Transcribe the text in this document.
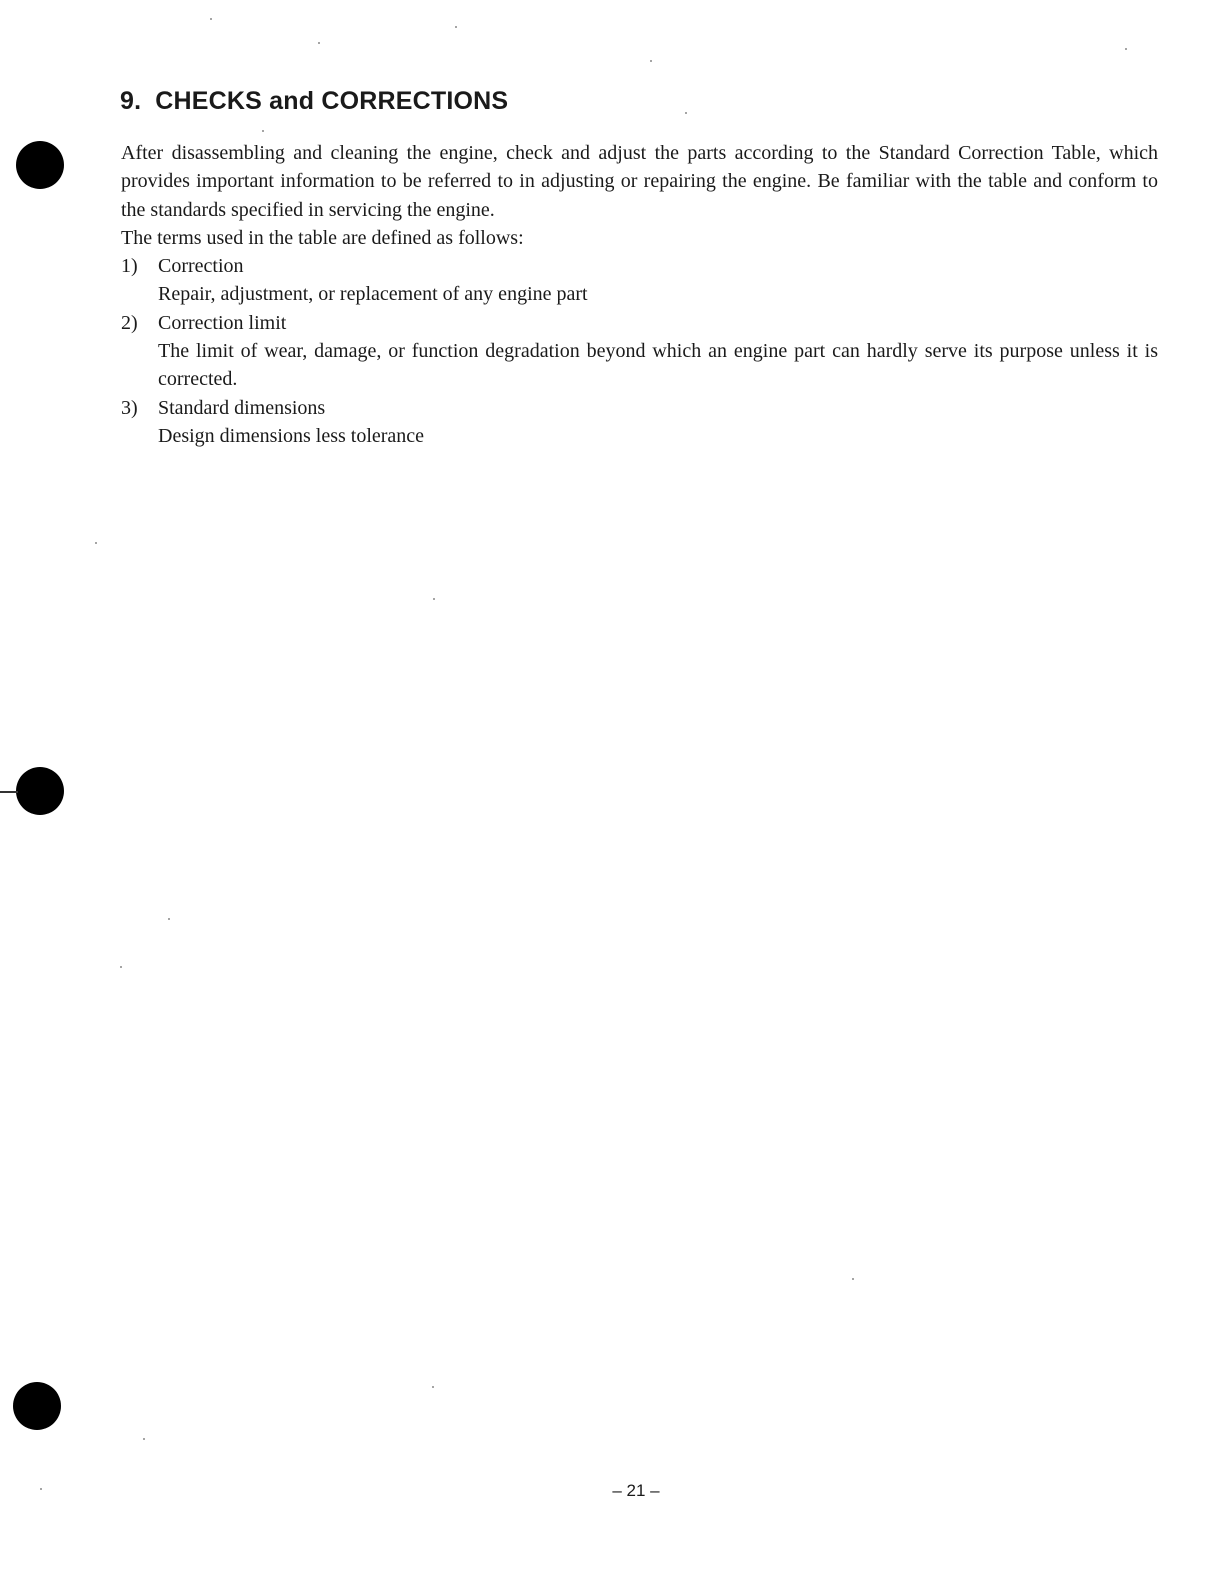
9. CHECKS and CORRECTIONS

After disassembling and cleaning the engine, check and adjust the parts according to the Standard Correction Table, which provides important information to be referred to in adjusting or repairing the engine. Be familiar with the table and conform to the standards specified in servicing the engine.

The terms used in the table are defined as follows:

1)	Correction
Repair, adjustment, or replacement of any engine part
2)	Correction limit
The limit of wear, damage, or function degradation beyond which an engine part can hardly serve its purpose unless it is corrected.
3)	Standard dimensions
Design dimensions less tolerance
– 21 –
